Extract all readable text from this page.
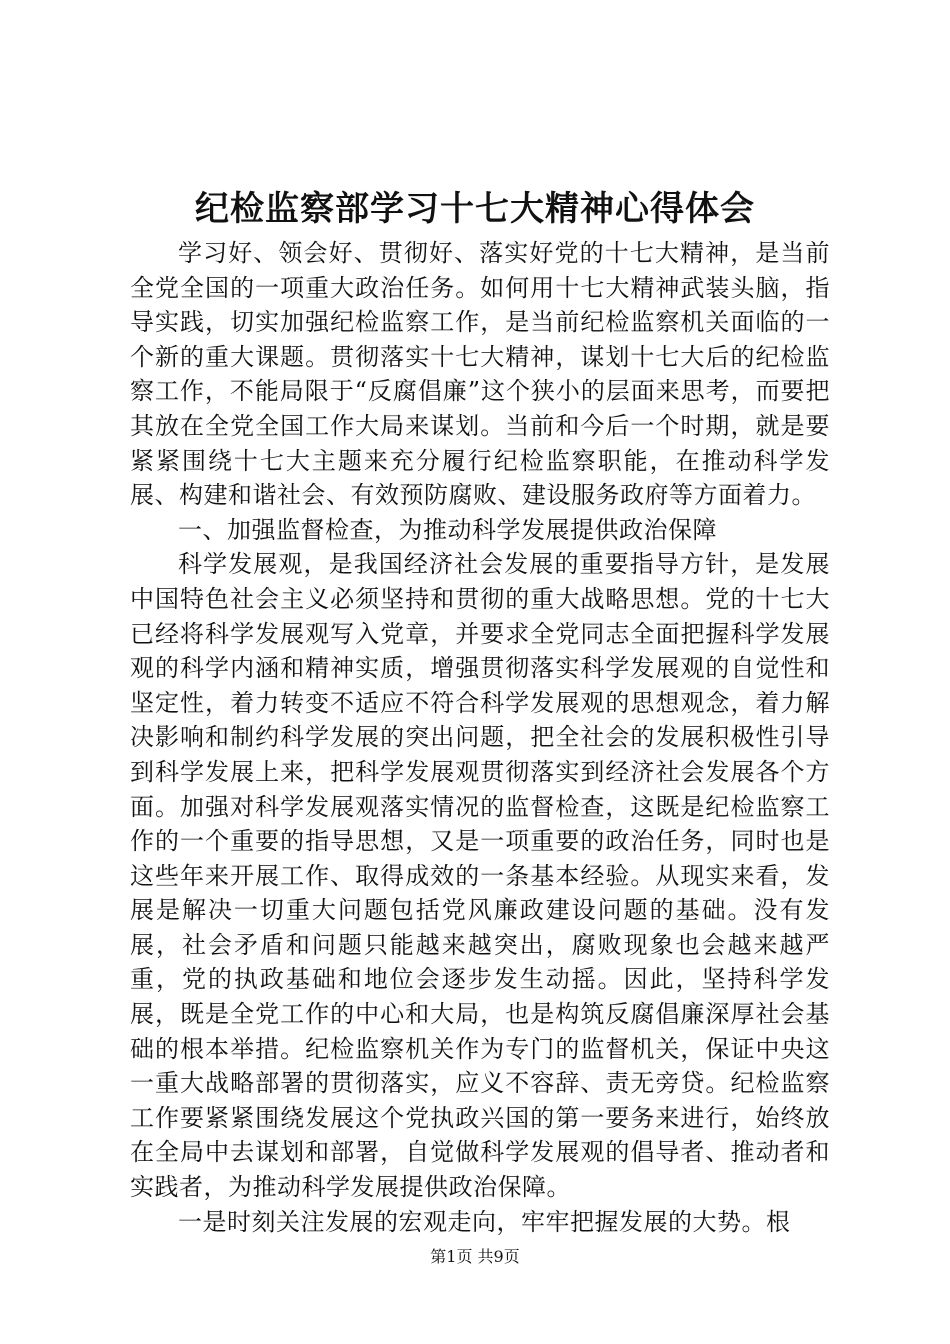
纪检监察部学习十七大精神心得体会

学习好、领会好、贯彻好、落实好党的十七大精神，是当前全党全国的一项重大政治任务。如何用十七大精神武装头脑，指导实践，切实加强纪检监察工作，是当前纪检监察机关面临的一个新的重大课题。贯彻落实十七大精神，谋划十七大后的纪检监察工作，不能局限于“反腐倡廉”这个狭小的层面来思考，而要把其放在全党全国工作大局来谋划。当前和今后一个时期，就是要紧紧围绕十七大主题来充分履行纪检监察职能，在推动科学发展、构建和谐社会、有效预防腐败、建设服务政府等方面着力。

一、加强监督检查，为推动科学发展提供政治保障

科学发展观，是我国经济社会发展的重要指导方针，是发展中国特色社会主义必须坚持和贯彻的重大战略思想。党的十七大已经将科学发展观写入党章，并要求全党同志全面把握科学发展观的科学内涵和精神实质，增强贯彻落实科学发展观的自觉性和坚定性，着力转变不适应不符合科学发展观的思想观念，着力解决影响和制约科学发展的突出问题，把全社会的发展积极性引导到科学发展上来，把科学发展观贯彻落实到经济社会发展各个方面。加强对科学发展观落实情况的监督检查，这既是纪检监察工作的一个重要的指导思想，又是一项重要的政治任务，同时也是这些年来开展工作、取得成效的一条基本经验。从现实来看，发展是解决一切重大问题包括党风廉政建设问题的基础。没有发展，社会矛盾和问题只能越来越突出，腐败现象也会越来越严重，党的执政基础和地位会逐步发生动摇。因此，坚持科学发展，既是全党工作的中心和大局，也是构筑反腐倡廉深厚社会基础的根本举措。纪检监察机关作为专门的监督机关，保证中央这一重大战略部署的贯彻落实，应义不容辞、责无旁贷。纪检监察工作要紧紧围绕发展这个党执政兴国的第一要务来进行，始终放在全局中去谋划和部署，自觉做科学发展观的倡导者、推动者和实践者，为推动科学发展提供政治保障。

一是时刻关注发展的宏观走向，牢牢把握发展的大势。根

第1页 共9页
